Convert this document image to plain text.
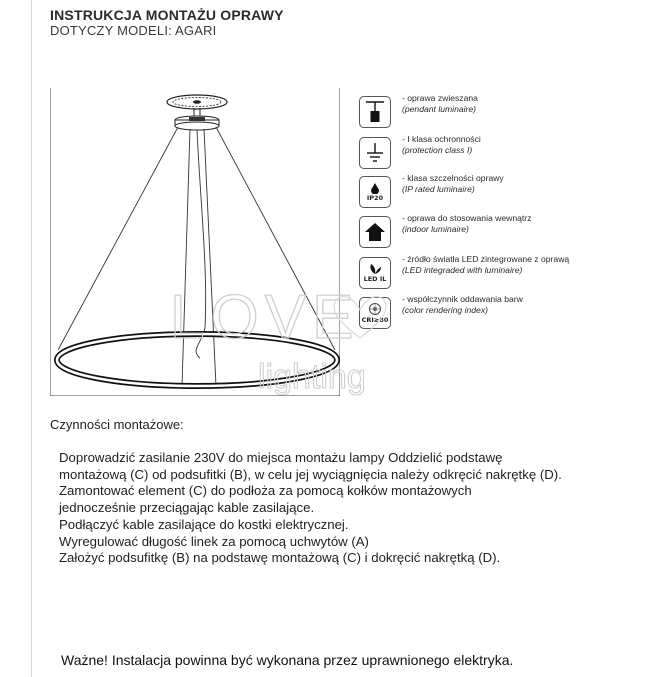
INSTRUKCJA MONTAŻU OPRAWY
DOTYCZY MODELI: AGARI
- oprawa zwieszana
(pendant luminaire)
- I klasa ochronności
(protection class I)
IP20
- klasa szczelności oprawy
(IP rated luminaire)
- oprawa do stosowania wewnątrz
(indoor luminaire)
LED IL
- źródło światła LED zintegrowane z oprawą
(LED integraded with luminaire)
CRI≥80
- współczynnik oddawania barw
(color rendering index)
LOVE
lighting
Czynności montażowe:
Doprowadzić zasilanie 230V do miejsca montażu lampy Oddzielić podstawę
montażową (C) od podsufitki (B), w celu jej wyciągnięcia należy odkręcić nakrętkę (D).
Zamontować element (C) do podłoża za pomocą kołków montażowych
jednocześnie przeciągając kable zasilające.
Podłączyć kable zasilające do kostki elektrycznej.
Wyregulować długość linek za pomocą uchwytów (A)
Założyć podsufitkę (B) na podstawę montażową (C) i dokręcić nakrętką (D).
Ważne! Instalacja powinna być wykonana przez uprawnionego elektryka.
